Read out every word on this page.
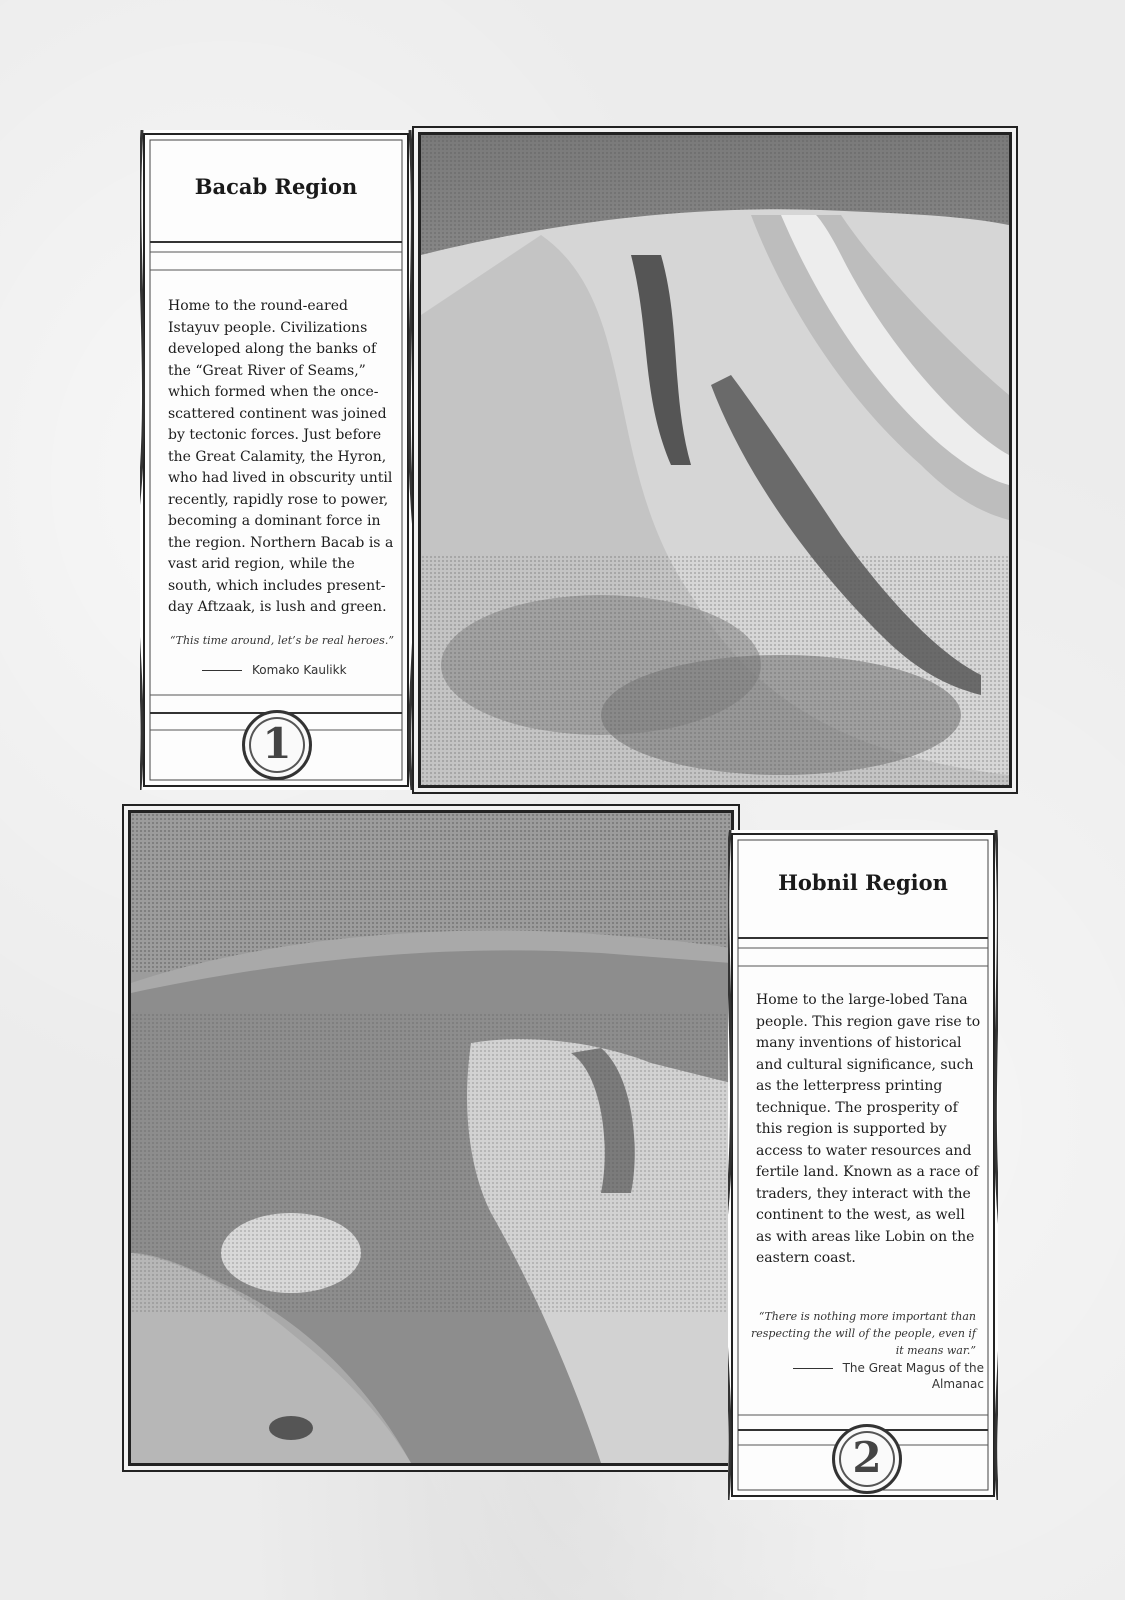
Bacab Region
Home to the round-eared Istayuv people. Civilizations developed along the banks of the “Great River of Seams,” which formed when the once-scattered continent was joined by tectonic forces. Just before the Great Calamity, the Hyron, who had lived in obscurity until recently, rapidly rose to power, becoming a dominant force in the region. Northern Bacab is a vast arid region, while the south, which includes present-day Aftzaak, is lush and green.
“This time around, let’s be real heroes.”
Komako Kaulikk
1
Hobnil Region
Home to the large-lobed Tana people. This region gave rise to many inventions of historical and cultural significance, such as the letterpress printing technique. The prosperity of this region is supported by access to water resources and fertile land. Known as a race of traders, they interact with the continent to the west, as well as with areas like Lobin on the eastern coast.
“There is nothing more important than respecting the will of the people, even if it means war.”
The Great Magus of the Almanac
2
